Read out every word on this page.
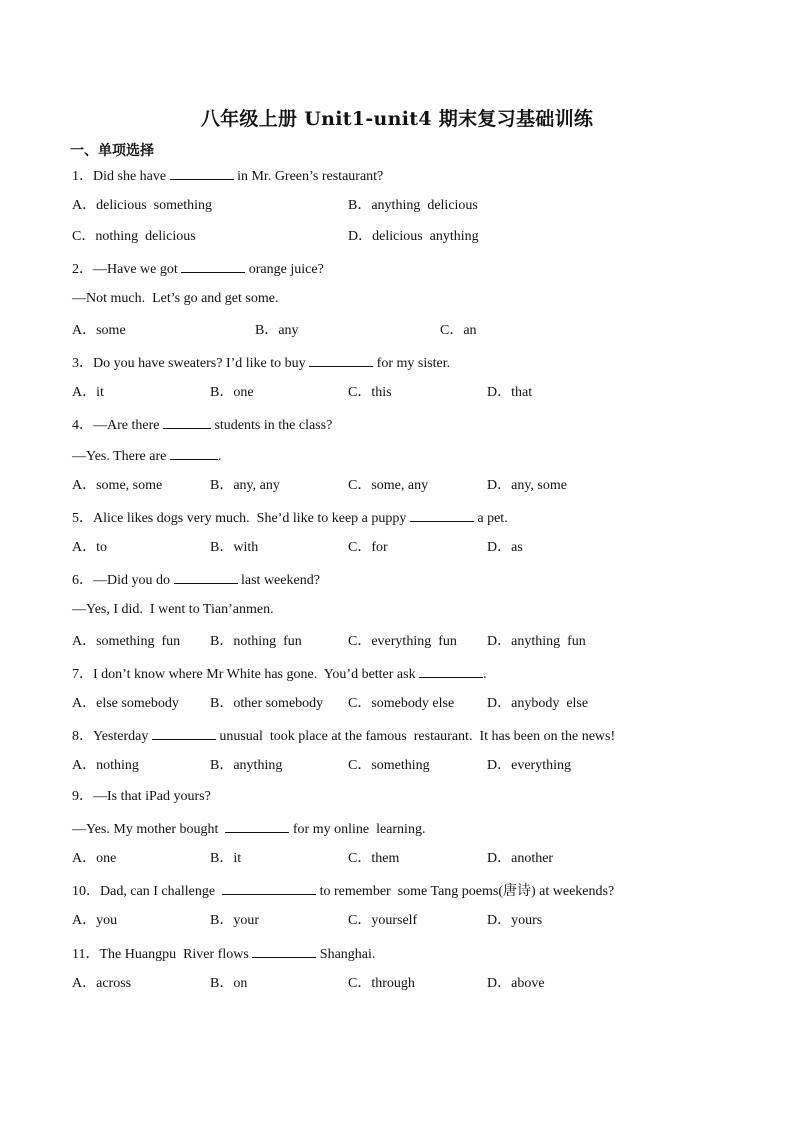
八年级上册 Unit1-unit4 期末复习基础训练
一、单项选择
1．Did she have	in Mr. Green’s restaurant?
A．delicious  something	B．anything  delicious
C．nothing  delicious	D．delicious  anything
2．—Have we got	orange juice?
—Not much.  Let’s go and get some.
A．some	B．any	C．an
3．Do you have sweaters? I’d like to buy	for my sister.
A．it	B．one	C．this	D．that
4．—Are there	students in the class?
—Yes. There are	.
A．some, some	B．any, any	C．some, any	D．any, some
5．Alice likes dogs very much.  She’d like to keep a puppy	a pet.
A．to	B．with	C．for	D．as
6．—Did you do	last weekend?
—Yes, I did.  I went to Tian’anmen.
A．something  fun B．nothing  fun	C．everything  fun D．anything  fun
7．I don’t know where Mr White has gone.  You’d better ask	.
A．else somebody B．other somebody C．somebody else D．anybody  else
8．Yesterday	unusual  took place at the famous  restaurant.  It has been on the news!
A．nothing	B．anything	C．something	D．everything
9．—Is that iPad yours?
—Yes. My mother bought	for my online  learning.
A．one	B．it	C．them	D．another
10．Dad, can I challenge	to remember  some Tang poems(唐诗) at weekends?
A．you	B．your	C．yourself	D．yours
11．The Huangpu  River flows	Shanghai.
A．across	B．on	C．through	D．above
